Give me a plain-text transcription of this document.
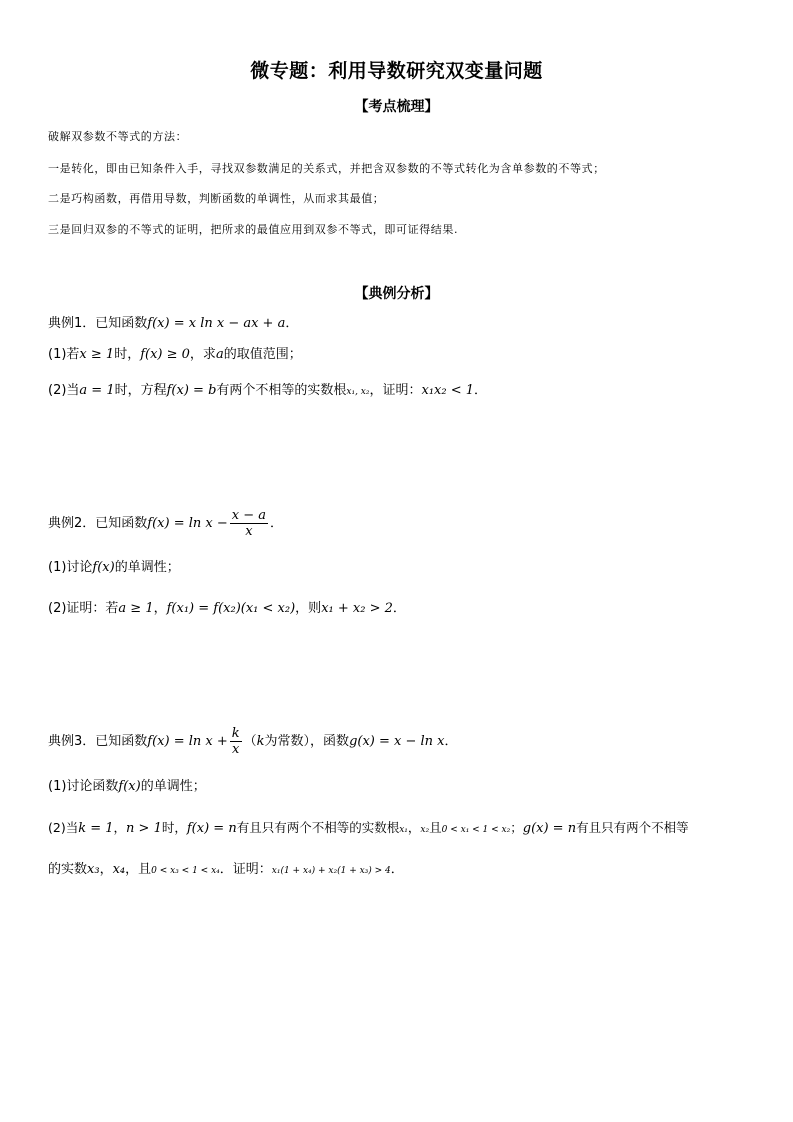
微专题：利用导数研究双变量问题
【考点梳理】
破解双参数不等式的方法：
一是转化，即由已知条件入手，寻找双参数满足的关系式，并把含双参数的不等式转化为含单参数的不等式；
二是巧构函数，再借用导数，判断函数的单调性，从而求其最值；
三是回归双参的不等式的证明，把所求的最值应用到双参不等式，即可证得结果.
【典例分析】
典例1．已知函数f(x) = x ln x − ax + a．
(1)若x ≥ 1时，f(x) ≥ 0，求a的取值范围；
(2)当a = 1时，方程f(x) = b有两个不相等的实数根x₁, x₂，证明：x₁x₂ < 1．
典例2．已知函数$f(x) = \ln x - \frac{x - a}{x}$ ．
(1)讨论f(x)的单调性；
(2)证明：若a ≥ 1，f(x₁) = f(x₂)(x₁ < x₂)，则x₁ + x₂ > 2．
典例3．已知函数$f(x) = \ln x + \frac{k}{x} (k$为常数），函数g(x) = x − ln x．
(1)讨论函数f(x)的单调性；
(2)当k = 1，n > 1时，f(x) = n有且只有两个不相等的实数根x₁，x₂且0 < x₁ < 1 < x₂；g(x) = n有且只有两个不相等
的实数x₃，x₄，且0 < x₃ < 1 < x₄．证明：x₁(1 + x₄) + x₂(1 + x₃) > 4．
